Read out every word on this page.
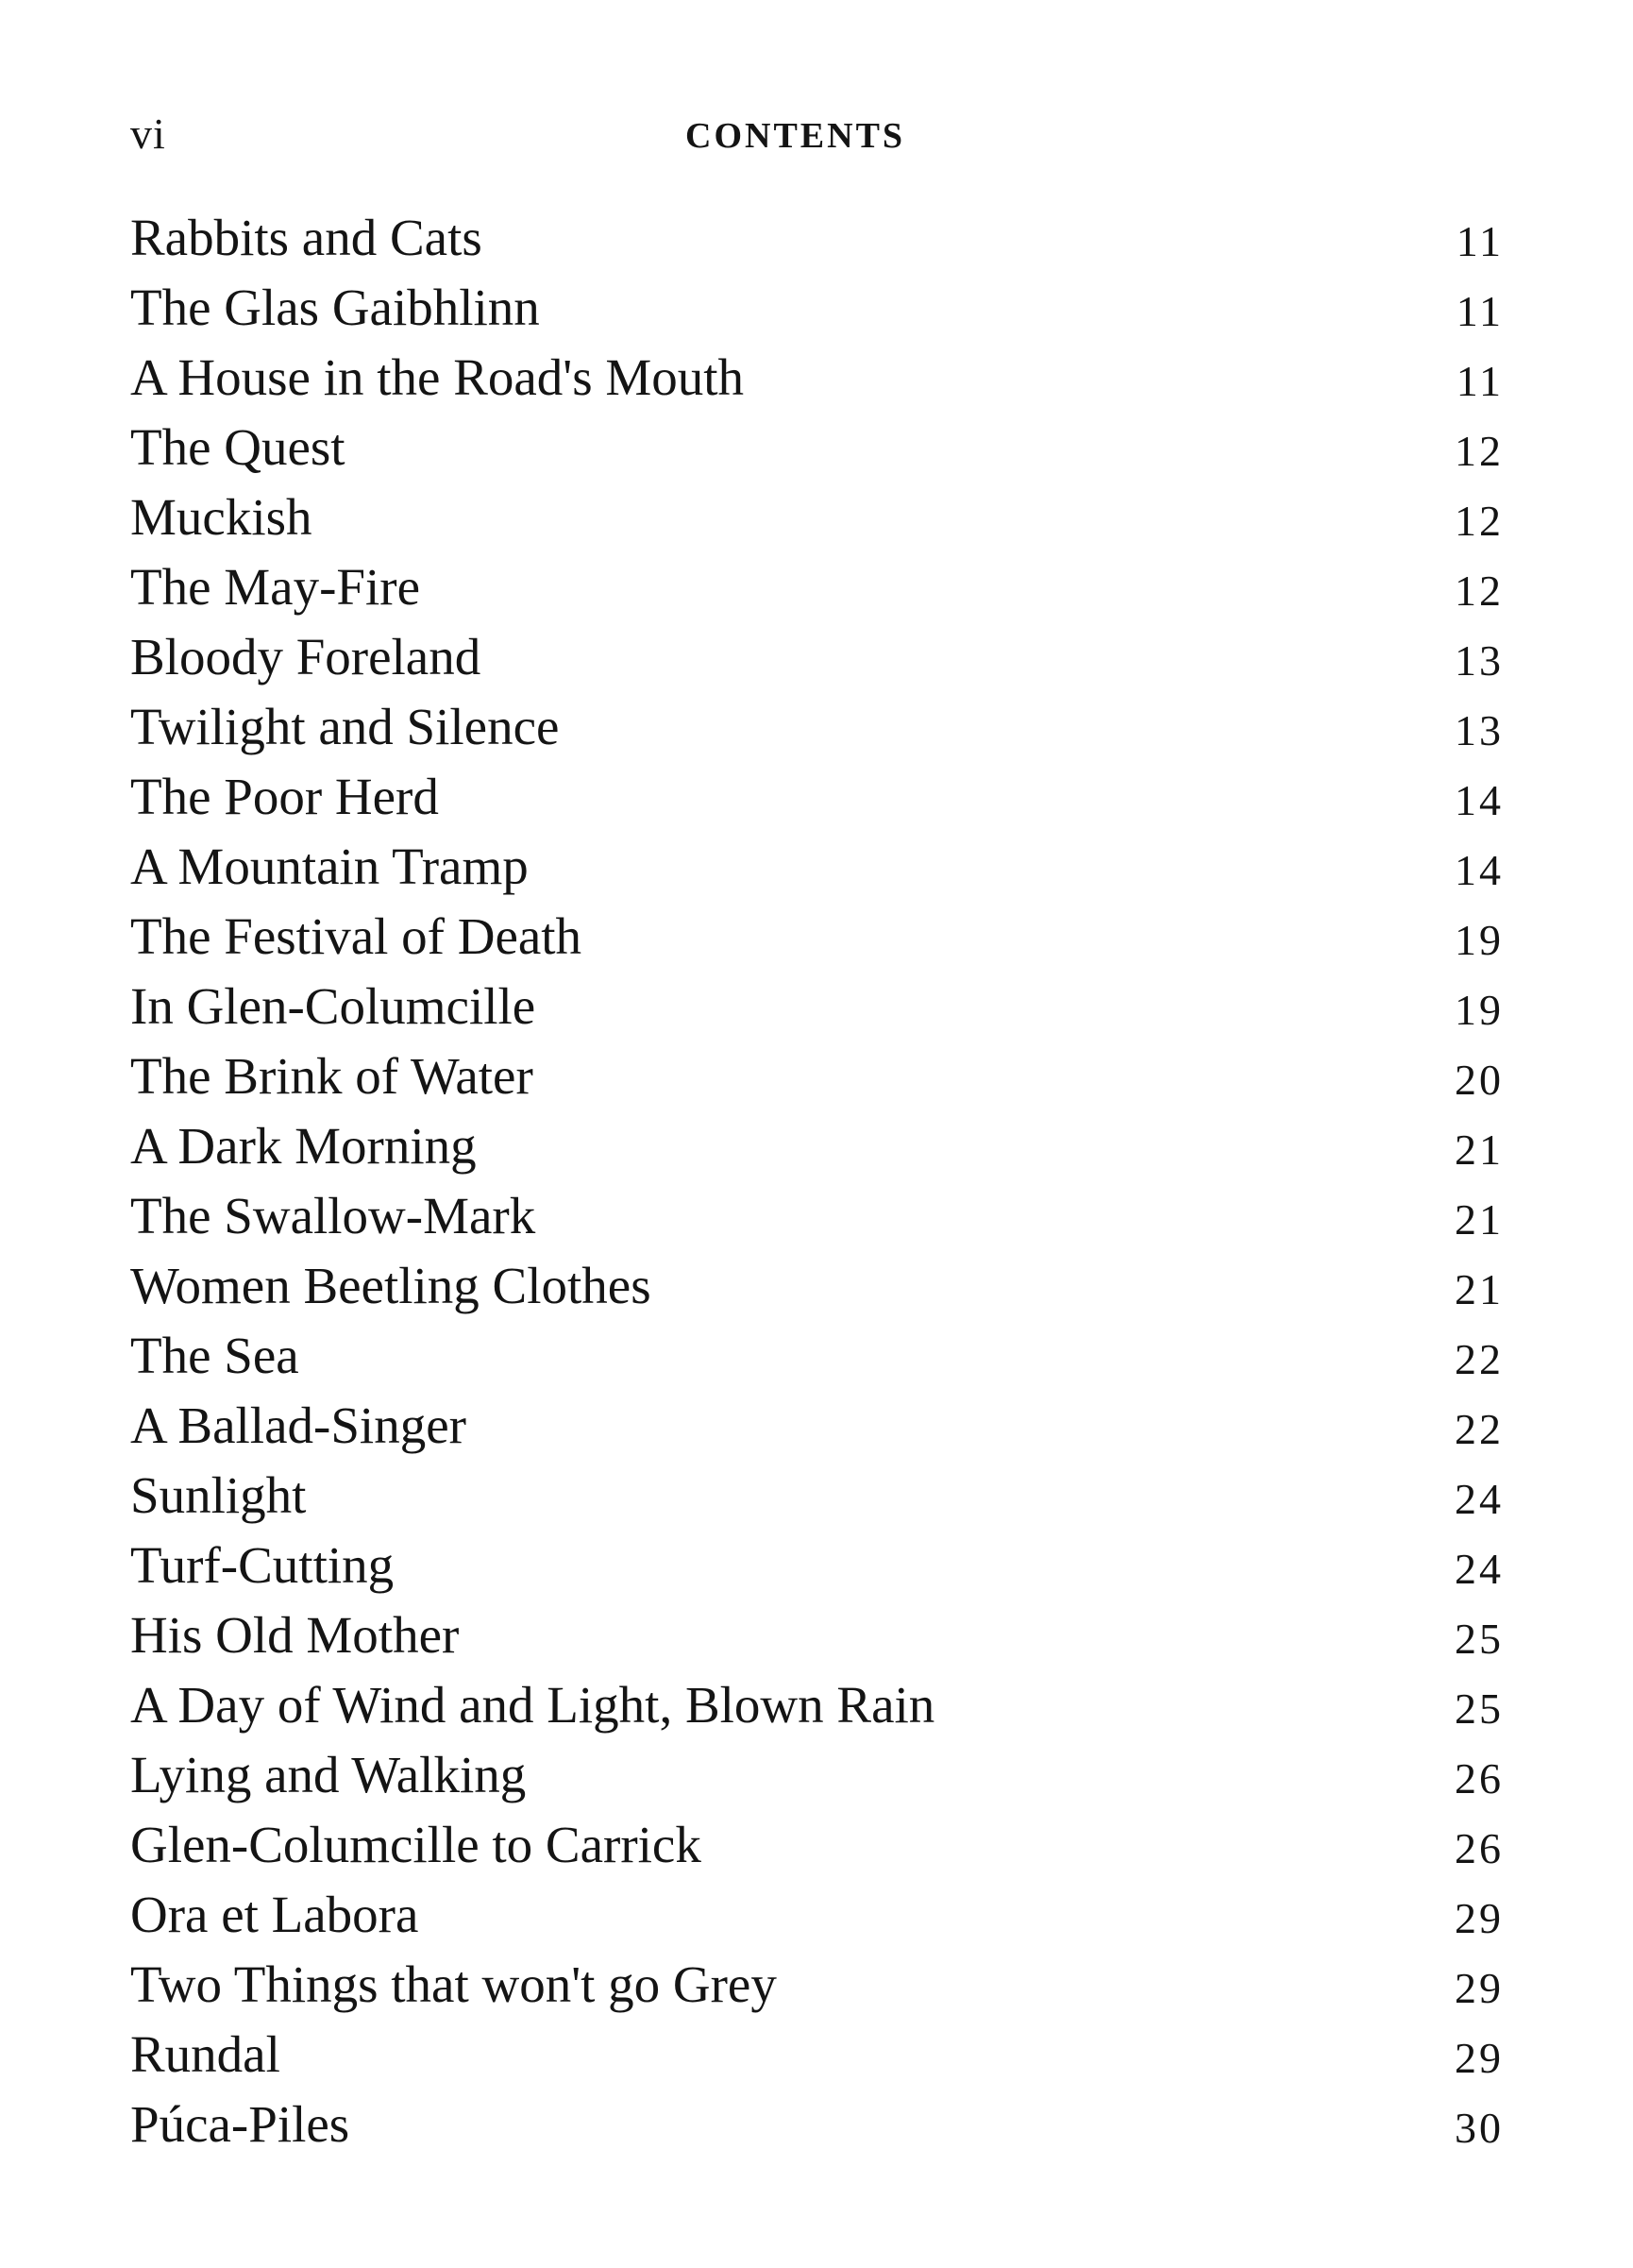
vi	CONTENTS
Rabbits and Cats	11
The Glas Gaibhlinn	11
A House in the Road's Mouth	11
The Quest	12
Muckish	12
The May-Fire	12
Bloody Foreland	13
Twilight and Silence	13
The Poor Herd	14
A Mountain Tramp	14
The Festival of Death	19
In Glen-Columcille	19
The Brink of Water	20
A Dark Morning	21
The Swallow-Mark	21
Women Beetling Clothes	21
The Sea	22
A Ballad-Singer	22
Sunlight	24
Turf-Cutting	24
His Old Mother	25
A Day of Wind and Light, Blown Rain	25
Lying and Walking	26
Glen-Columcille to Carrick	26
Ora et Labora	29
Two Things that won't go Grey	29
Rundal	29
Púca-Piles	30
